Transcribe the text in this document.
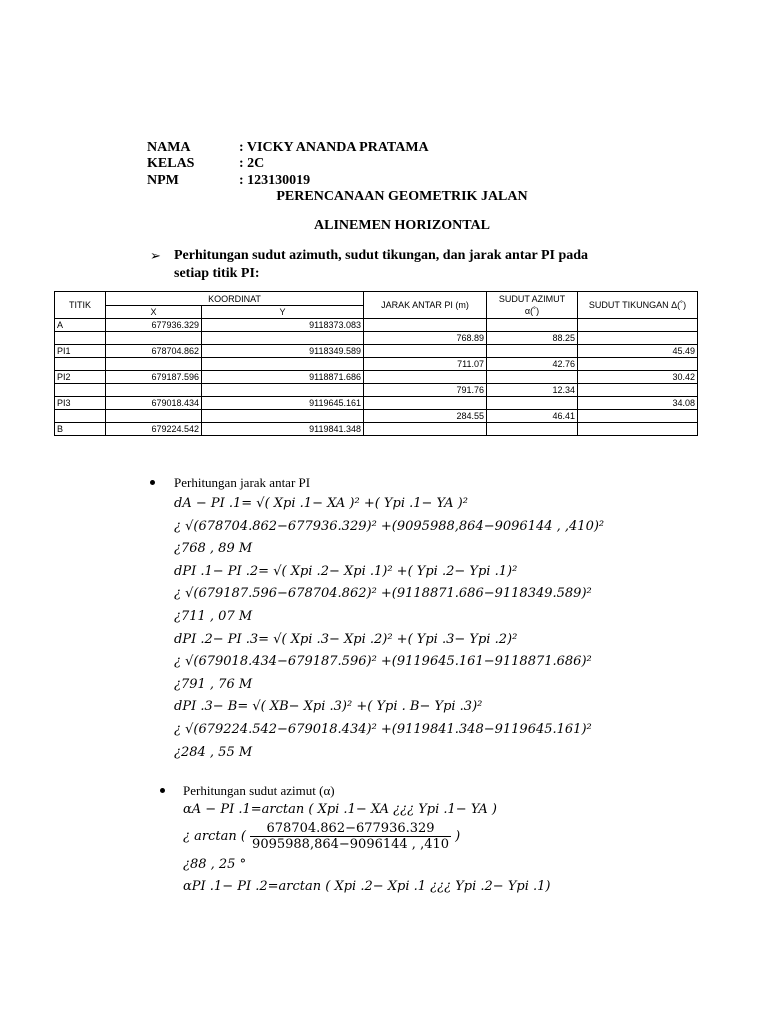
NAMA	: VICKY ANANDA PRATAMA
KELAS	: 2C
NPM	: 123130019
PERENCANAAN GEOMETRIK JALAN
ALINEMEN HORIZONTAL
➢ Perhitungan sudut azimuth, sudut tikungan, dan jarak antar PI pada
setiap titik PI:
TITIK	KOORDINAT		JARAK ANTAR PI (m)	SUDUT AZIMUT
α(˚)	SUDUT TIKUNGAN Δ(˚)
	X	Y			
A	677936.329	9118373.083			
			768.89	88.25	
PI1	678704.862	9118349.589			45.49
			711.07	42.76	
PI2	679187.596	9118871.686			30.42
			791.76	12.34	
PI3	679018.434	9119645.161			34.08
			284.55	46.41	
B	679224.542	9119841.348			
Perhitungan jarak antar PI
dA − PI .1= √( Xpi .1− XA )² +( Ypi .1− YA )²
¿ √(678704.862−677936.329)² +(9095988,864−9096144 , ,410)²
¿768 , 89 M
dPI .1− PI .2= √( Xpi .2− Xpi .1)² +( Ypi .2− Ypi .1)²
¿ √(679187.596−678704.862)² +(9118871.686−9118349.589)²
¿711 , 07 M
dPI .2− PI .3= √( Xpi .3− Xpi .2)² +( Ypi .3− Ypi .2)²
¿ √(679018.434−679187.596)² +(9119645.161−9118871.686)²
¿791 , 76 M
dPI .3− B= √( XB− Xpi .3)² +( Ypi . B− Ypi .3)²
¿ √(679224.542−679018.434)² +(9119841.348−9119645.161)²
¿284 , 55 M
Perhitungan sudut azimut (α)
αA − PI .1=arctan ( Xpi .1− XA ¿¿¿ Ypi .1− YA )
¿ arctan ( $\frac{678704.862-677936.329}{9095988,864-9096144 , ,410}$ )
¿88 , 25 °
αPI .1− PI .2=arctan ( Xpi .2− Xpi .1 ¿¿¿ Ypi .2− Ypi .1)
